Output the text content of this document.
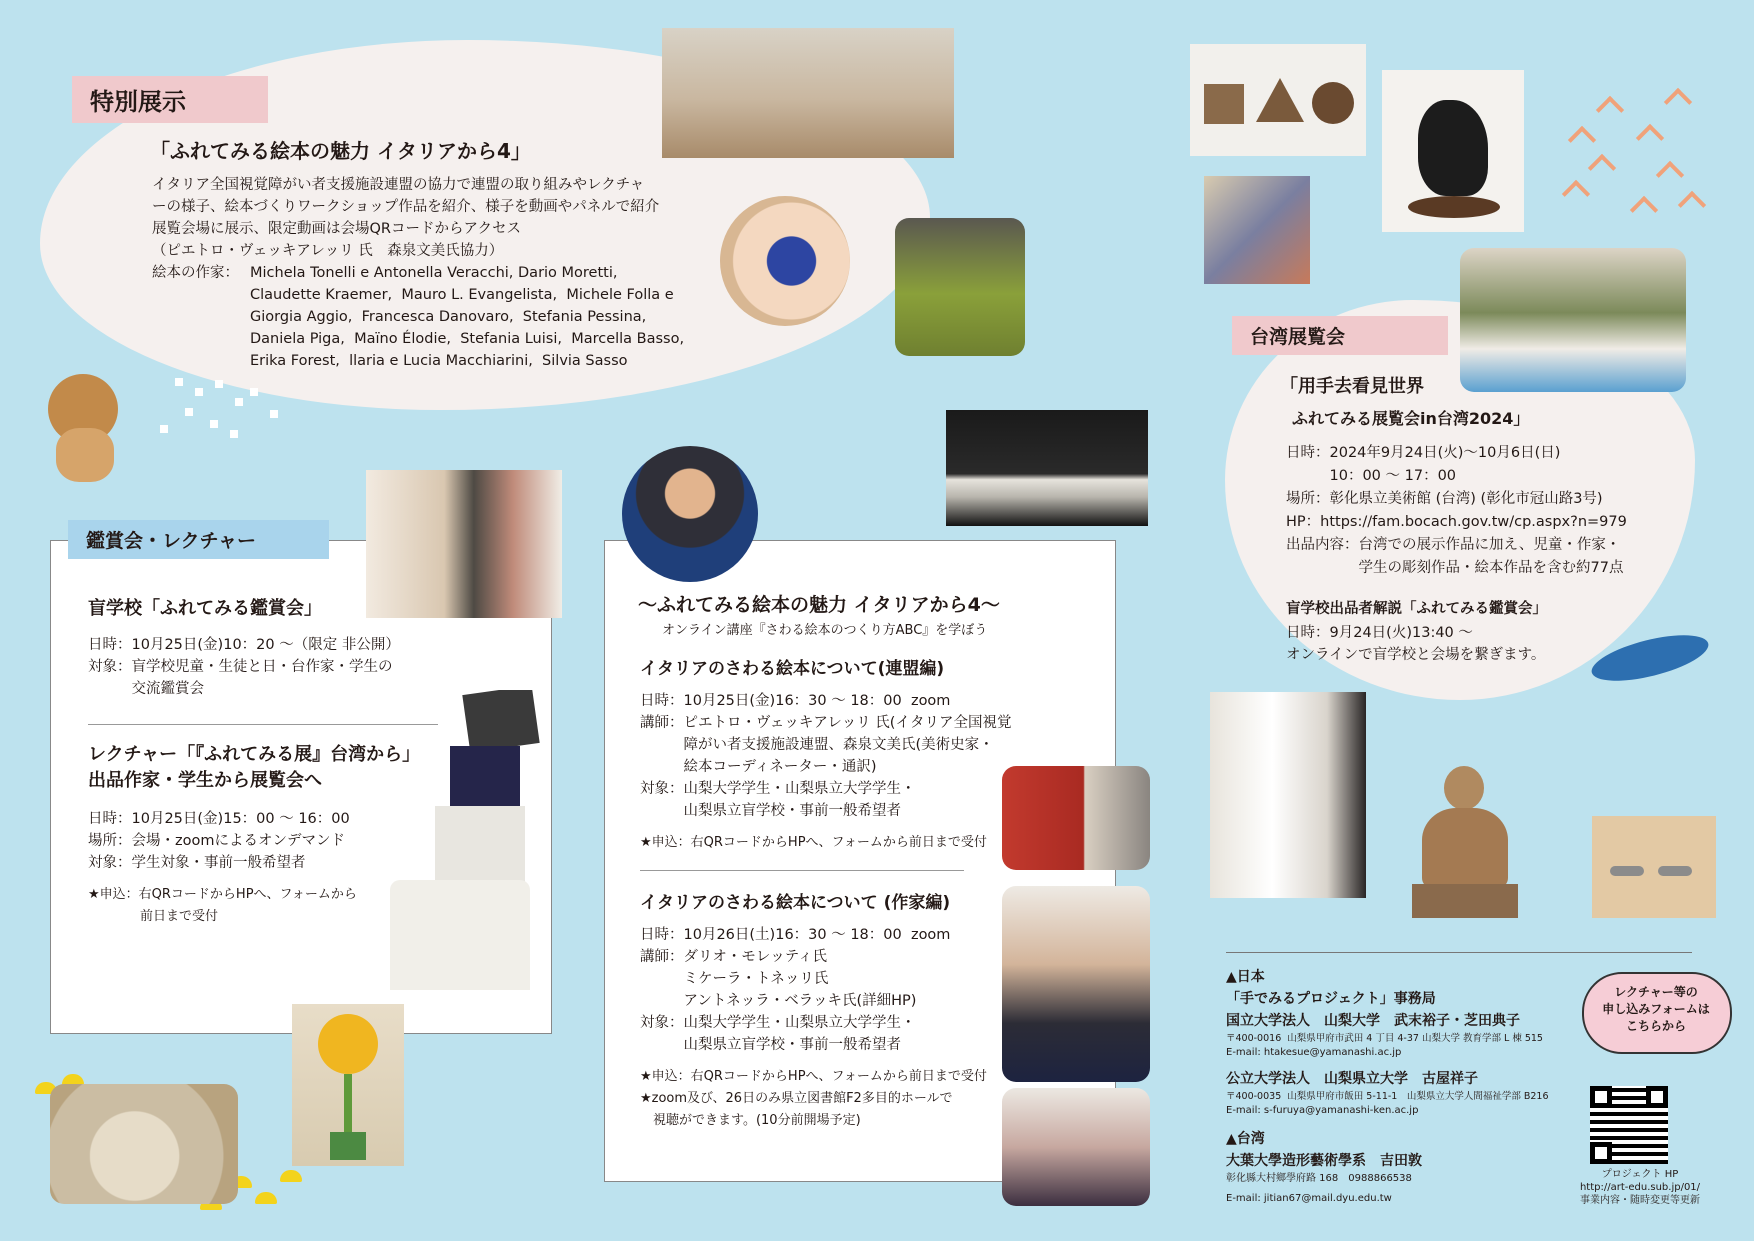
特別展示
「ふれてみる絵本の魅力 イタリアから4」
イタリア全国視覚障がい者支援施設連盟の協力で連盟の取り組みやレクチャ
ーの様子、絵本づくりワークショップ作品を紹介、様子を動画やパネルで紹介
展覧会場に展示、限定動画は会場QRコードからアクセス
（ピエトロ・ヴェッキアレッリ 氏　森泉文美氏協力）
絵本の作家： Michela Tonelli e Antonella Veracchi, Dario Moretti,
Claudette Kraemer,  Mauro L. Evangelista,  Michele Folla e
Giorgia Aggio,  Francesca Danovaro,  Stefania Pessina,
Daniela Piga,  Maïno Élodie,  Stefania Luisi,  Marcella Basso,
Erika Forest,  llaria e Lucia Macchiarini,  Silvia Sasso
鑑賞会・レクチャー
盲学校「ふれてみる鑑賞会」
日時：10月25日(金)10：20 ～（限定 非公開）
対象：盲学校児童・生徒と日・台作家・学生の
　　　交流鑑賞会
レクチャー「『ふれてみる展』台湾から」
出品作家・学生から展覧会へ
日時：10月25日(金)15：00 ～ 16：00
場所：会場・zoomによるオンデマンド
対象：学生対象・事前一般希望者
★申込：右QRコードからHPへ、フォームから
　　　　前日まで受付
～ふれてみる絵本の魅力 イタリアから4～
オンライン講座『さわる絵本のつくり方ABC』を学ぼう
イタリアのさわる絵本について(連盟編)
日時：10月25日(金)16：30 ～ 18：00  zoom
講師：ピエトロ・ヴェッキアレッリ 氏(イタリア全国視覚
　　　障がい者支援施設連盟、森泉文美氏(美術史家・
　　　絵本コーディネーター・通訳)
対象：山梨大学学生・山梨県立大学学生・
　　　山梨県立盲学校・事前一般希望者
★申込：右QRコードからHPへ、フォームから前日まで受付
イタリアのさわる絵本について (作家編)
日時：10月26日(土)16：30 ～ 18：00  zoom
講師：ダリオ・モレッティ氏
　　　ミケーラ・トネッリ氏
　　　アントネッラ・ベラッキ氏(詳細HP)
対象：山梨大学学生・山梨県立大学学生・
　　　山梨県立盲学校・事前一般希望者
★申込：右QRコードからHPへ、フォームから前日まで受付
★zoom及び、26日のみ県立図書館F2多目的ホールで
　視聴ができます。(10分前開場予定)
台湾展覧会
「用手去看見世界
ふれてみる展覧会in台湾2024」
日時：2024年9月24日(火)～10月6日(日)
　　　10：00 ～ 17：00
場所：彰化県立美術館 (台湾) (彰化市冠山路3号)
HP：https://fam.bocach.gov.tw/cp.aspx?n=979
出品内容：台湾での展示作品に加え、児童・作家・
　　　　　学生の彫刻作品・絵本作品を含む約77点
盲学校出品者解説「ふれてみる鑑賞会」
日時：9月24日(火)13:40 ～
オンラインで盲学校と会場を繋ぎます。
▲日本
「手でみるプロジェクト」事務局
国立大学法人　山梨大学　武末裕子・芝田典子
〒400-0016  山梨県甲府市武田 4 丁目 4-37 山梨大学 教育学部 L 棟 515
E-mail: htakesue@yamanashi.ac.jp
公立大学法人　山梨県立大学　古屋祥子
〒400-0035  山梨県甲府市飯田 5-11-1　山梨県立大学人間福祉学部 B216
E-mail: s-furuya@yamanashi-ken.ac.jp
▲台湾
大葉大學造形藝術學系　吉田敦
彰化縣大村鄉學府路 168　0988866538
E-mail: jitian67@mail.dyu.edu.tw
レクチャー等の
申し込みフォームは
こちらから
プロジェクト HP
http://art-edu.sub.jp/01/
事業内容・随時変更等更新
